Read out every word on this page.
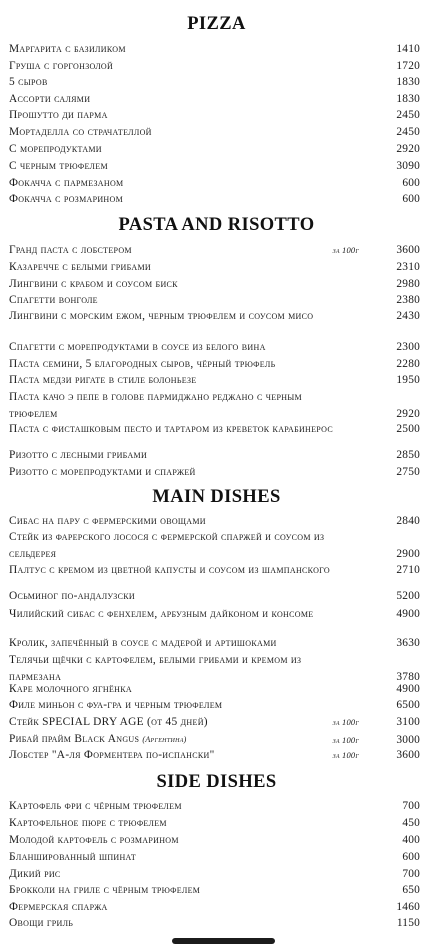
PIZZA
Маргарита с базиликом	1410
Груша с горгонзолой	1720
5 сыров	1830
Ассорти салями	1830
Прошутто ди парма	2450
Мортаделла со страчателлой	2450
С морепродуктами	2920
С черным трюфелем	3090
Фокачча с пармезаном	600
Фокачча с розмарином	600
PASTA AND RISOTTO
Гранд паста с лобстером	за 100г	3600
Казаречче с белыми грибами	2310
Лингвини с крабом и соусом биск	2980
Спагетти вонголе	2380
Лингвини с морским ежом, черным трюфелем и соусом мисо	2430
Спагетти с морепродуктами в соусе из белого вина	2300
Паста семини, 5 благородных сыров, чёрный трюфель	2280
Паста медзи ригате в стиле болоньезе	1950
Паста качо э пепе в голове пармиджано реджано с черным трюфелем	2920
Паста с фисташковым песто и тартаром из креветок карабинерос	2500
Ризотто с лесными грибами	2850
Ризотто с морепродуктами и спаржей	2750
MAIN DISHES
Сибас на пару с фермерскими овощами	2840
Стейк из фарерского лосося с фермерской спаржей и соусом из сельдерея	2900
Палтус с кремом из цветной капусты и соусом из шампанского	2710
Осьминог по-андалузски	5200
Чилийский сибас с фенхелем, арбузным дайконом и консоме	4900
Кролик, запечённый в соусе с мадерой и артишоками	3630
Телячьи щёчки с картофелем, белыми грибами и кремом из пармезана	3780
Каре молочного ягнёнка	4900
Филе миньон с фуа-гра и черным трюфелем	6500
Стейк SPECIAL DRY AGE (от 45 дней)	за 100г	3100
Рибай прайм Black Angus (Аргентина)	за 100г	3000
Лобстер "А-ля Форментера по-испански"	за 100г	3600
SIDE DISHES
Картофель фри с чёрным трюфелем	700
Картофельное пюре с трюфелем	450
Молодой картофель с розмарином	400
Бланшированный шпинат	600
Дикий рис	700
Брокколи на гриле с чёрным трюфелем	650
Фермерская спаржа	1460
Овощи гриль	1150
